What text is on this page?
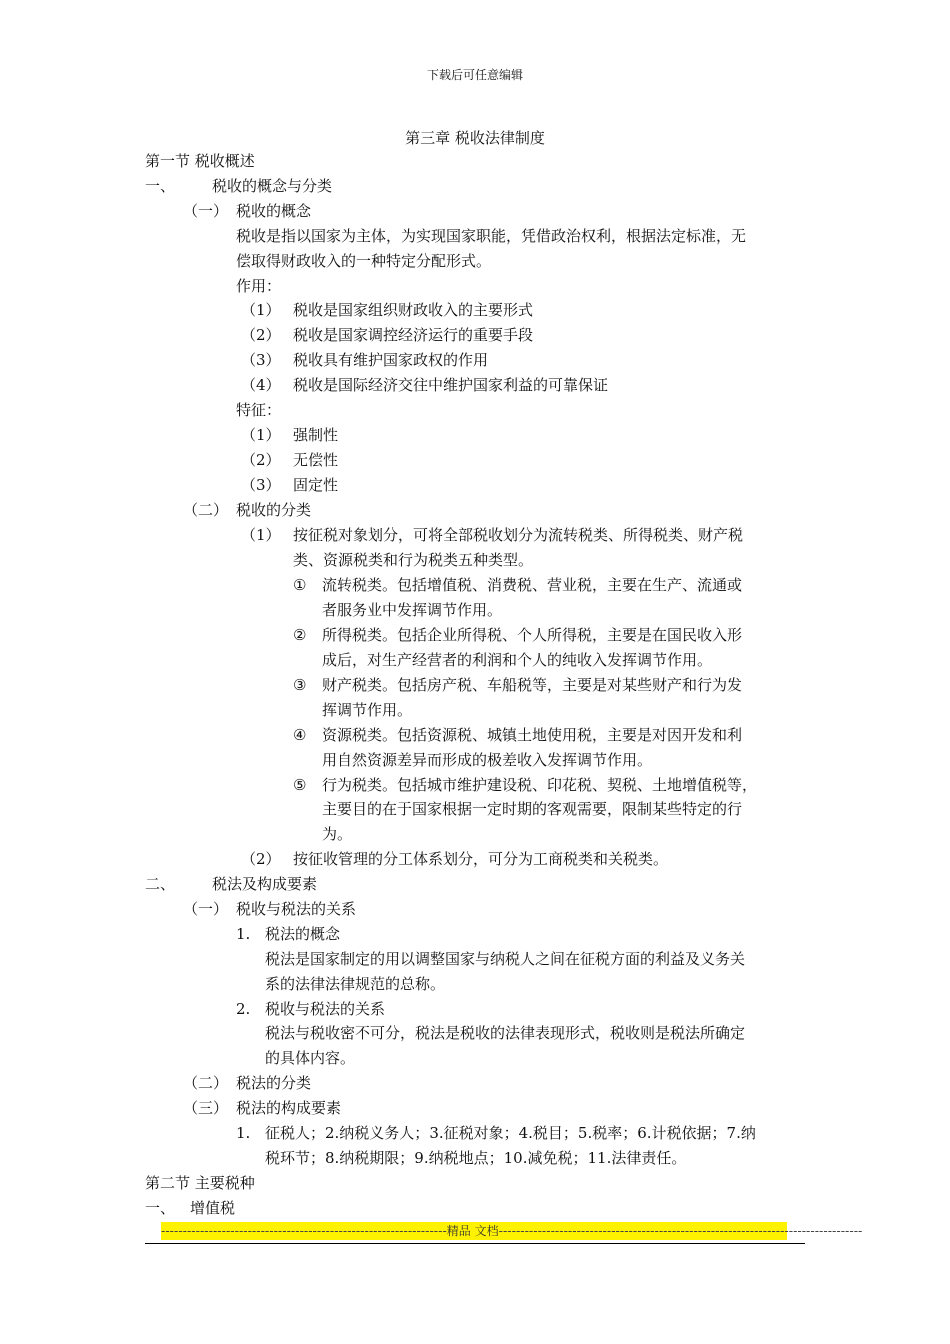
下载后可任意编辑
第三章 税收法律制度
第一节 税收概述
一、 税收的概念与分类
（一） 税收的概念
税收是指以国家为主体，为实现国家职能，凭借政治权利，根据法定标准，无
偿取得财政收入的一种特定分配形式。
作用：
（1） 税收是国家组织财政收入的主要形式
（2） 税收是国家调控经济运行的重要手段
（3） 税收具有维护国家政权的作用
（4） 税收是国际经济交往中维护国家利益的可靠保证
特征：
（1） 强制性
（2） 无偿性
（3） 固定性
（二） 税收的分类
（1） 按征税对象划分，可将全部税收划分为流转税类、所得税类、财产税
类、资源税类和行为税类五种类型。
① 流转税类。包括增值税、消费税、营业税，主要在生产、流通或
者服务业中发挥调节作用。
② 所得税类。包括企业所得税、个人所得税，主要是在国民收入形
成后，对生产经营者的利润和个人的纯收入发挥调节作用。
③ 财产税类。包括房产税、车船税等，主要是对某些财产和行为发
挥调节作用。
④ 资源税类。包括资源税、城镇土地使用税，主要是对因开发和利
用自然资源差异而形成的极差收入发挥调节作用。
⑤ 行为税类。包括城市维护建设税、印花税、契税、土地增值税等，
主要目的在于国家根据一定时期的客观需要，限制某些特定的行
为。
（2） 按征收管理的分工体系划分，可分为工商税类和关税类。
二、 税法及构成要素
（一） 税收与税法的关系
1. 税法的概念
税法是国家制定的用以调整国家与纳税人之间在征税方面的利益及义务关
系的法律法律规范的总称。
2. 税收与税法的关系
税法与税收密不可分，税法是税收的法律表现形式，税收则是税法所确定
的具体内容。
（二） 税法的分类
（三） 税法的构成要素
1. 征税人；2.纳税义务人；3.征税对象；4.税目；5.税率；6.计税依据；7.纳
税环节；8.纳税期限；9.纳税地点；10.减免税；11.法律责任。
第二节 主要税种
一、 增值税
------------------------------------------------------------------精品 文档------------------------------------------------------------------------------------
